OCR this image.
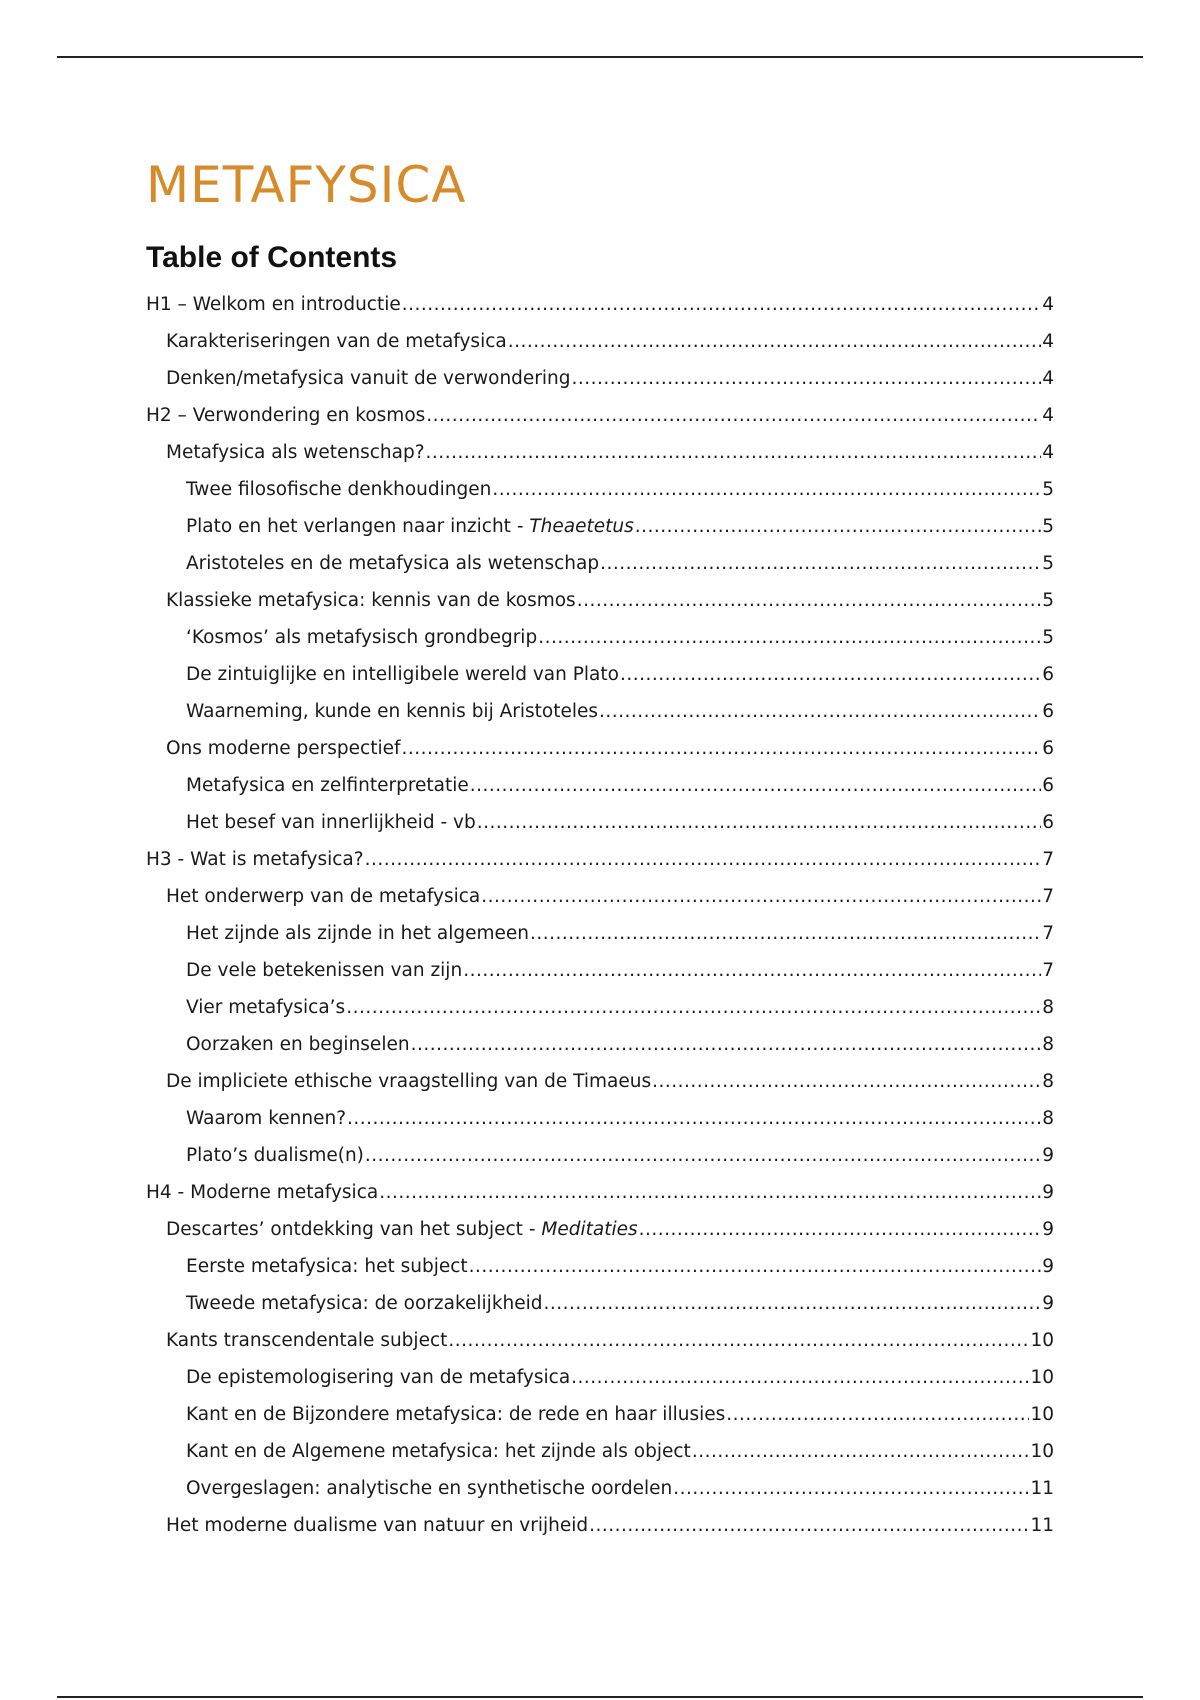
METAFYSICA
Table of Contents
H1 – Welkom en introductie .....	4
Karakteriseringen van de metafysica .....	4
Denken/metafysica vanuit de verwondering .....	4
H2 – Verwondering en kosmos .....	4
Metafysica als wetenschap? .....	4
Twee filosofische denkhoudingen .....	5
Plato en het verlangen naar inzicht - Theaetetus .....	5
Aristoteles en de metafysica als wetenschap .....	5
Klassieke metafysica: kennis van de kosmos .....	5
‘Kosmos’ als metafysisch grondbegrip .....	5
De zintuiglijke en intelligibele wereld van Plato .....	6
Waarneming, kunde en kennis bij Aristoteles .....	6
Ons moderne perspectief .....	6
Metafysica en zelfinterpretatie .....	6
Het besef van innerlijkheid - vb .....	6
H3 - Wat is metafysica? .....	7
Het onderwerp van de metafysica .....	7
Het zijnde als zijnde in het algemeen .....	7
De vele betekenissen van zijn .....	7
Vier metafysica’s .....	8
Oorzaken en beginselen .....	8
De impliciete ethische vraagstelling van de Timaeus .....	8
Waarom kennen? .....	8
Plato’s dualisme(n) .....	9
H4 - Moderne metafysica .....	9
Descartes’ ontdekking van het subject - Meditaties .....	9
Eerste metafysica: het subject .....	9
Tweede metafysica: de oorzakelijkheid .....	9
Kants transcendentale subject .....	10
De epistemologisering van de metafysica .....	10
Kant en de Bijzondere metafysica: de rede en haar illusies .....	10
Kant en de Algemene metafysica: het zijnde als object .....	10
Overgeslagen: analytische en synthetische oordelen .....	11
Het moderne dualisme van natuur en vrijheid .....	11
